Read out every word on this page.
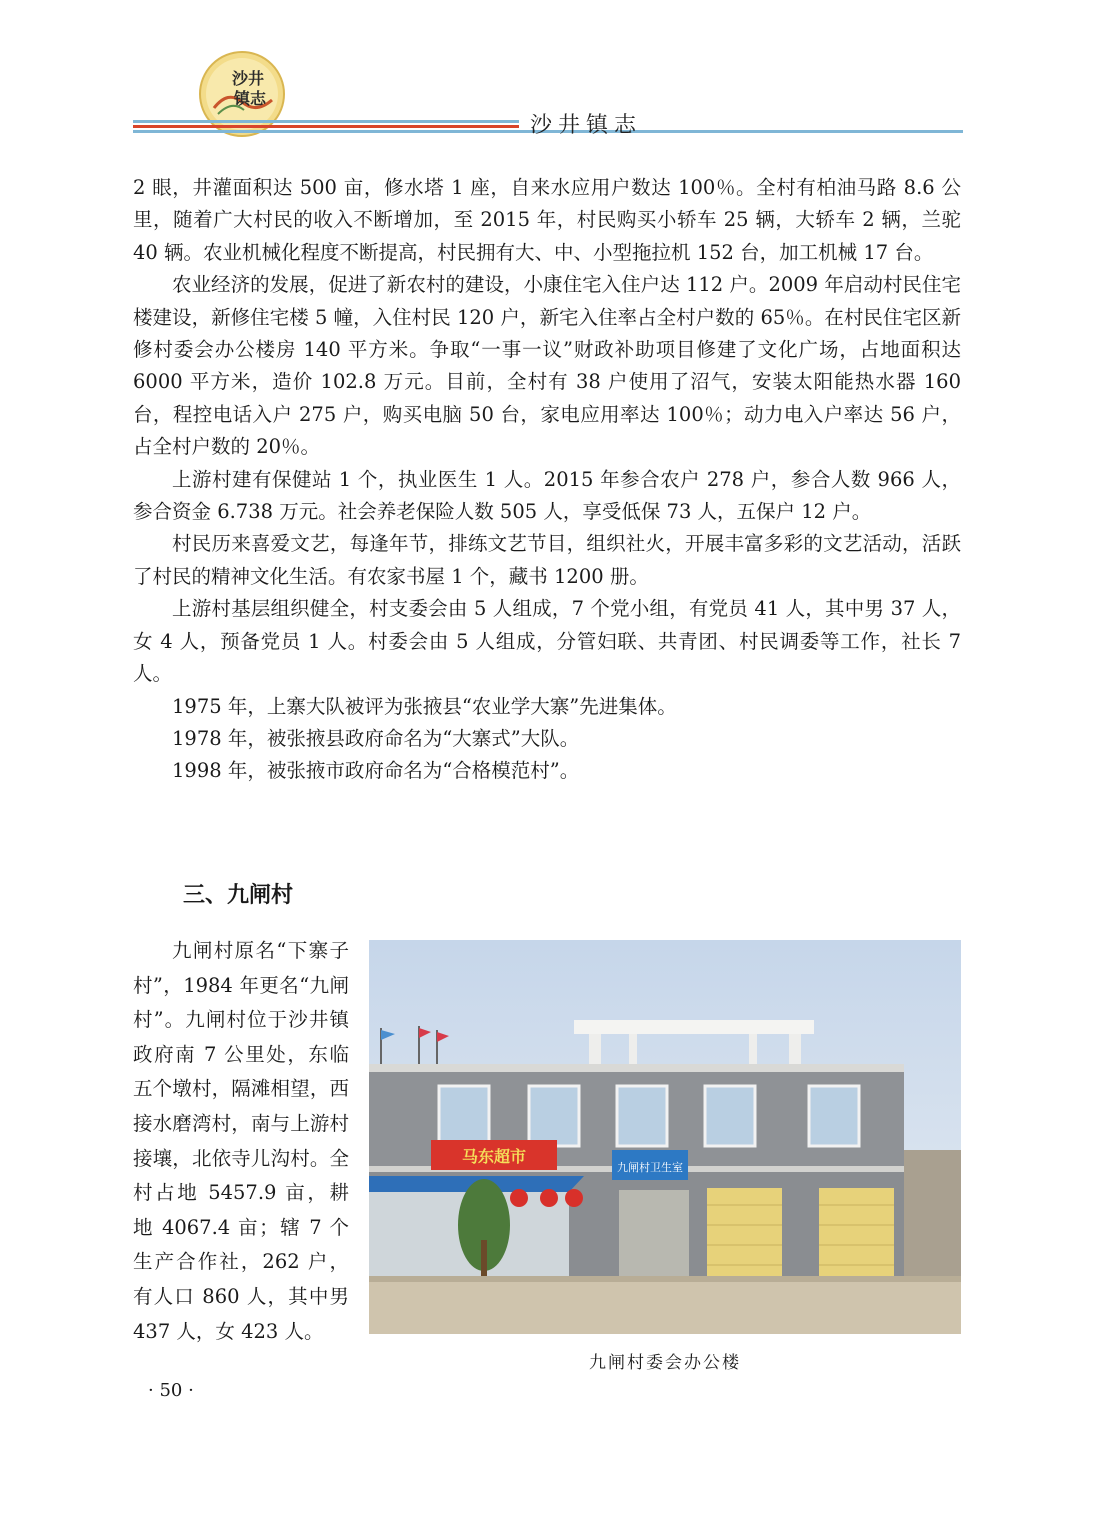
沙井
镇志
沙井镇志

2 眼，井灌面积达 500 亩，修水塔 1 座，自来水应用户数达 100％。全村有柏油马路 8.6 公里，随着广大村民的收入不断增加，至 2015 年，村民购买小轿车 25 辆，大轿车 2 辆，兰驼 40 辆。农业机械化程度不断提高，村民拥有大、中、小型拖拉机 152 台，加工机械 17 台。

农业经济的发展，促进了新农村的建设，小康住宅入住户达 112 户。2009 年启动村民住宅楼建设，新修住宅楼 5 幢，入住村民 120 户，新宅入住率占全村户数的 65％。在村民住宅区新修村委会办公楼房 140 平方米。争取“一事一议”财政补助项目修建了文化广场，占地面积达 6000 平方米，造价 102.8 万元。目前，全村有 38 户使用了沼气，安装太阳能热水器 160 台，程控电话入户 275 户，购买电脑 50 台，家电应用率达 100％；动力电入户率达 56 户，占全村户数的 20％。

上游村建有保健站 1 个，执业医生 1 人。2015 年参合农户 278 户，参合人数 966 人，参合资金 6.738 万元。社会养老保险人数 505 人，享受低保 73 人，五保户 12 户。

村民历来喜爱文艺，每逢年节，排练文艺节目，组织社火，开展丰富多彩的文艺活动，活跃了村民的精神文化生活。有农家书屋 1 个，藏书 1200 册。

上游村基层组织健全，村支委会由 5 人组成，7 个党小组，有党员 41 人，其中男 37 人，女 4 人，预备党员 1 人。村委会由 5 人组成，分管妇联、共青团、村民调委等工作，社长 7 人。

1975 年，上寨大队被评为张掖县“农业学大寨”先进集体。

1978 年，被张掖县政府命名为“大寨式”大队。

1998 年，被张掖市政府命名为“合格模范村”。

三、九闸村

九闸村原名“下寨子村”，1984 年更名“九闸村”。九闸村位于沙井镇政府南 7 公里处，东临五个墩村，隔滩相望，西接水磨湾村，南与上游村接壤，北依寺儿沟村。全村占地 5457.9 亩，耕地 4067.4 亩；辖 7 个生产合作社，262 户，有人口 860 人，其中男 437 人，女 423 人。

马东超市
九闸村卫生室
九闸村委会办公楼
· 50 ·
